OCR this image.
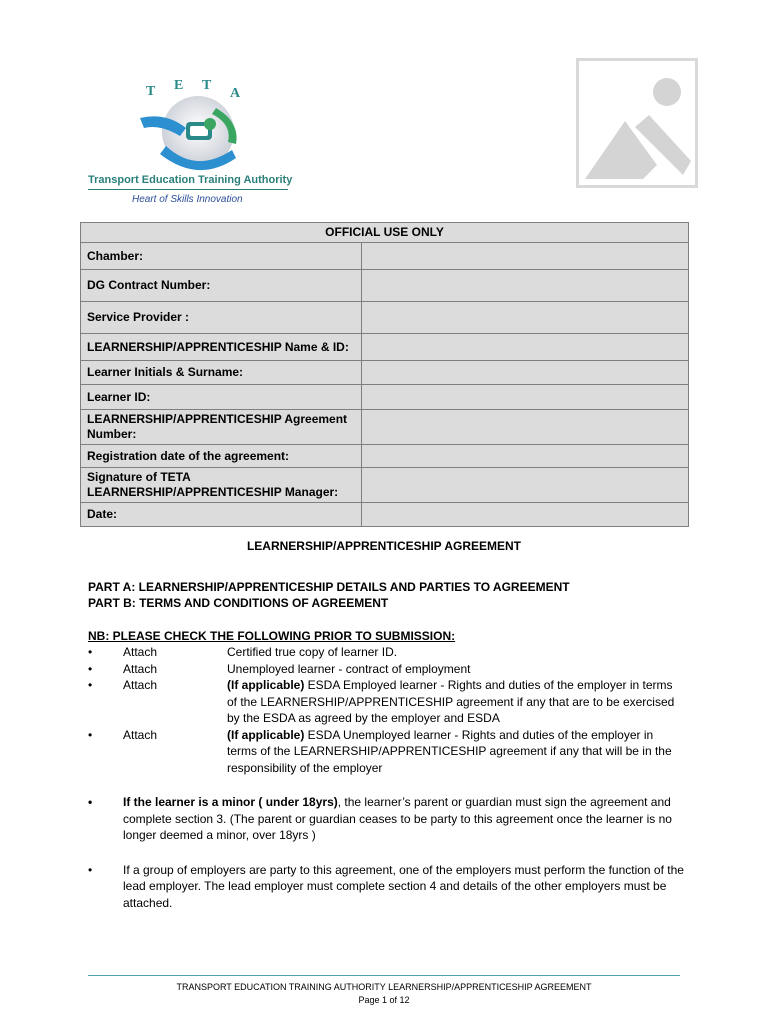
T E T
A
Transport Education Training Authority
Heart of Skills Innovation
OFFICIAL USE ONLY	
Chamber:	
DG Contract Number:	
Service Provider :	
LEARNERSHIP/APPRENTICESHIP Name & ID:	
Learner Initials & Surname:	
Learner ID:	
LEARNERSHIP/APPRENTICESHIP Agreement Number:	
Registration date of the agreement:	
Signature of TETA LEARNERSHIP/APPRENTICESHIP Manager:	
Date:	
LEARNERSHIP/APPRENTICESHIP AGREEMENT
PART A: LEARNERSHIP/APPRENTICESHIP DETAILS AND PARTIES TO AGREEMENT
PART B: TERMS AND CONDITIONS OF AGREEMENT
NB: PLEASE CHECK THE FOLLOWING PRIOR TO SUBMISSION:
•	Attach	Certified true copy of learner ID.
•	Attach	Unemployed learner - contract of employment
•	Attach	(If applicable) ESDA Employed learner - Rights and duties of the employer in terms of the LEARNERSHIP/APPRENTICESHIP agreement if any that are to be exercised by the ESDA as agreed by the employer and ESDA
•	Attach	(If applicable) ESDA Unemployed learner - Rights and duties of the employer in terms of the LEARNERSHIP/APPRENTICESHIP agreement if any that will be in the responsibility of the employer
•	If the learner is a minor ( under 18yrs), the learner’s parent or guardian must sign the agreement and complete section 3. (The parent or guardian ceases to be party to this agreement once the learner is no longer deemed a minor, over 18yrs )
•	If a group of employers are party to this agreement, one of the employers must perform the function of the lead employer. The lead employer must complete section 4 and details of the other employers must be attached.
TRANSPORT EDUCATION TRAINING AUTHORITY LEARNERSHIP/APPRENTICESHIP AGREEMENT
Page 1 of 12
